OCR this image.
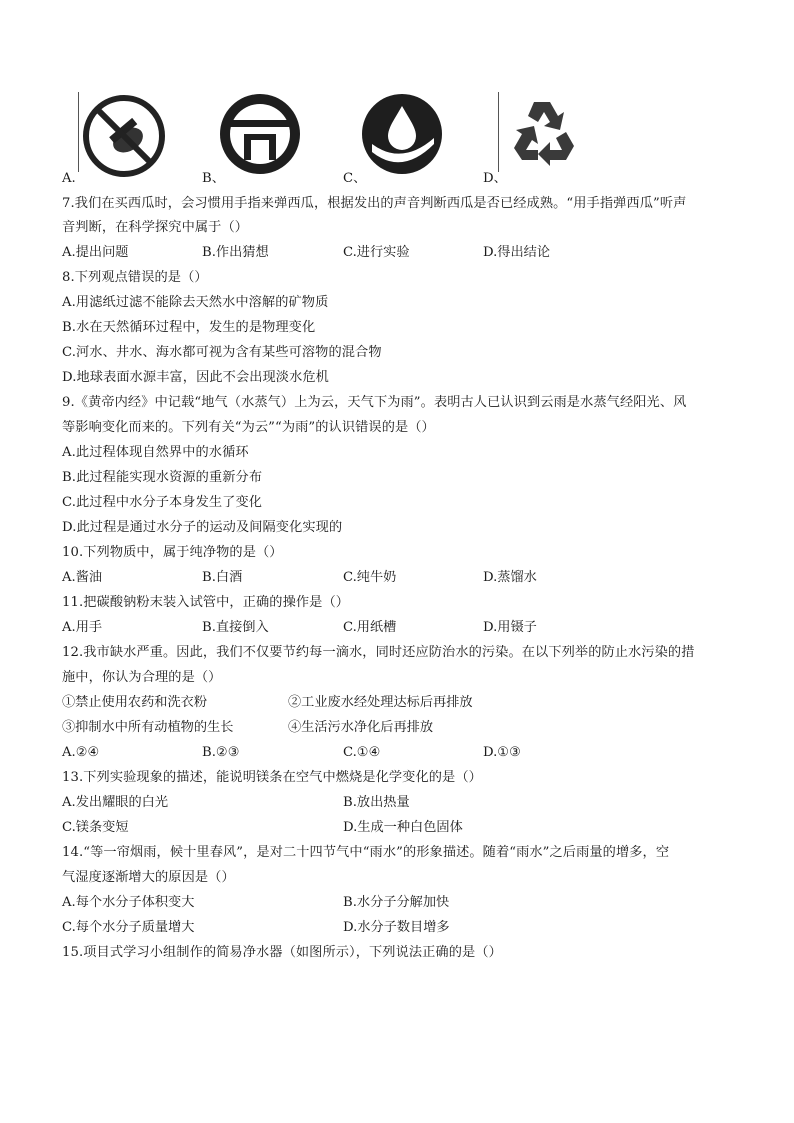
A.	B、	C、	D、
7.我们在买西瓜时，会习惯用手指来弹西瓜，根据发出的声音判断西瓜是否已经成熟。“用手指弹西瓜”听声
音判断，在科学探究中属于（）
A.提出问题	B.作出猜想	C.进行实验	D.得出结论
8.下列观点错误的是（）
A.用滤纸过滤不能除去天然水中溶解的矿物质
B.水在天然循环过程中，发生的是物理变化
C.河水、井水、海水都可视为含有某些可溶物的混合物
D.地球表面水源丰富，因此不会出现淡水危机
9.《黄帝内经》中记载“地气（水蒸气）上为云，天气下为雨”。表明古人已认识到云雨是水蒸气经阳光、风
等影响变化而来的。下列有关“为云”“为雨”的认识错误的是（）
A.此过程体现自然界中的水循环
B.此过程能实现水资源的重新分布
C.此过程中水分子本身发生了变化
D.此过程是通过水分子的运动及间隔变化实现的
10.下列物质中，属于纯净物的是（）
A.酱油	B.白酒	C.纯牛奶	D.蒸馏水
11.把碳酸钠粉末装入试管中，正确的操作是（）
A.用手	B.直接倒入	C.用纸槽	D.用镊子
12.我市缺水严重。因此，我们不仅要节约每一滴水，同时还应防治水的污染。在以下列举的防止水污染的措
施中，你认为合理的是（）
①禁止使用农药和洗衣粉	②工业废水经处理达标后再排放
③抑制水中所有动植物的生长	④生活污水净化后再排放
A.②④	B.②③	C.①④	D.①③
13.下列实验现象的描述，能说明镁条在空气中燃烧是化学变化的是（）
A.发出耀眼的白光	B.放出热量
C.镁条变短	D.生成一种白色固体
14.“等一帘烟雨，候十里春风”，是对二十四节气中“雨水”的形象描述。随着“雨水”之后雨量的增多，空
气湿度逐渐增大的原因是（）
A.每个水分子体积变大	B.水分子分解加快
C.每个水分子质量增大	D.水分子数目增多
15.项目式学习小组制作的简易净水器（如图所示），下列说法正确的是（）
